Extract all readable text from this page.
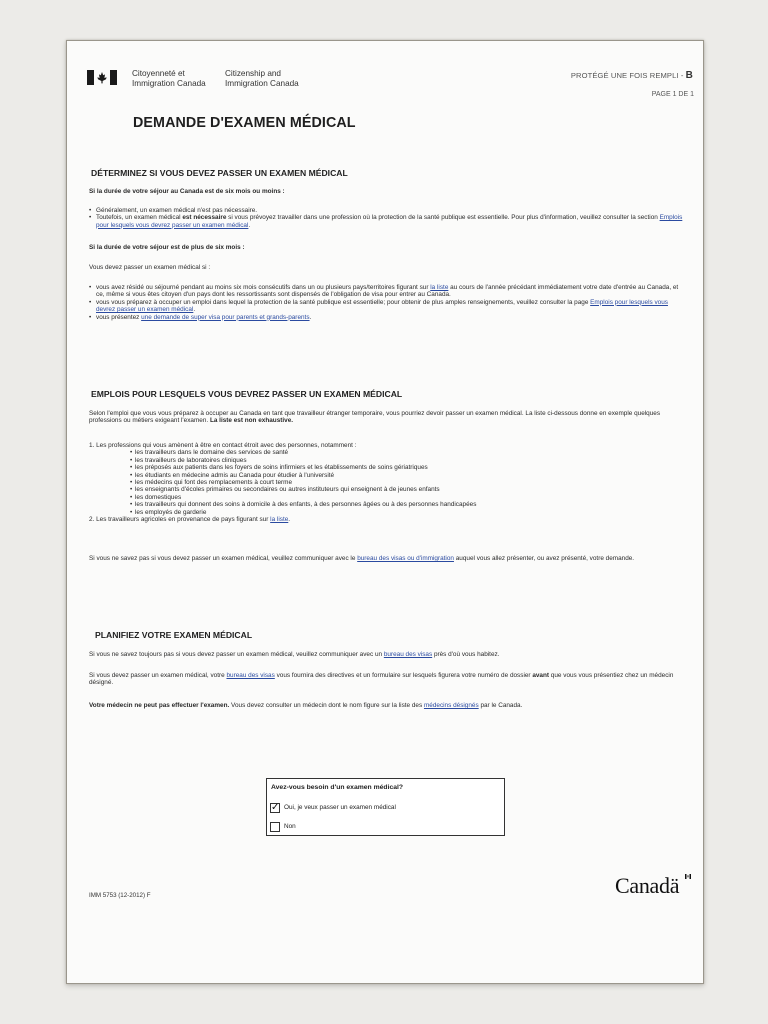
Citoyenneté et
Immigration Canada
Citizenship and
Immigration Canada
PROTÉGÉ UNE FOIS REMPLI - B
PAGE 1 DE 1
DEMANDE D'EXAMEN MÉDICAL
DÉTERMINEZ SI VOUS DEVEZ PASSER UN EXAMEN MÉDICAL
Si la durée de votre séjour au Canada est de six mois ou moins :
• Généralement, un examen médical n'est pas nécessaire.
• Toutefois, un examen médical est nécessaire si vous prévoyez travailler dans une profession où la protection de la santé publique est essentielle. Pour plus d'information, veuillez consulter la section Emplois pour lesquels vous devrez passer un examen médical.
Si la durée de votre séjour est de plus de six mois :
Vous devez passer un examen médical si :
• vous avez résidé ou séjourné pendant au moins six mois consécutifs dans un ou plusieurs pays/territoires figurant sur la liste au cours de l'année précédant immédiatement votre date d'entrée au Canada, et ce, même si vous êtes citoyen d'un pays dont les ressortissants sont dispensés de l'obligation de visa pour entrer au Canada.
• vous vous préparez à occuper un emploi dans lequel la protection de la santé publique est essentielle; pour obtenir de plus amples renseignements, veuillez consulter la page Emplois pour lesquels vous devrez passer un examen médical.
• vous présentez une demande de super visa pour parents et grands-parents.
EMPLOIS POUR LESQUELS VOUS DEVREZ PASSER UN EXAMEN MÉDICAL
Selon l'emploi que vous vous préparez à occuper au Canada en tant que travailleur étranger temporaire, vous pourriez devoir passer un examen médical. La liste ci-dessous donne en exemple quelques professions ou métiers exigeant l'examen. La liste est non exhaustive.
1. Les professions qui vous amènent à être en contact étroit avec des personnes, notamment :
• les travailleurs dans le domaine des services de santé
• les travailleurs de laboratoires cliniques
• les préposés aux patients dans les foyers de soins infirmiers et les établissements de soins gériatriques
• les étudiants en médecine admis au Canada pour étudier à l'université
• les médecins qui font des remplacements à court terme
• les enseignants d'écoles primaires ou secondaires ou autres instituteurs qui enseignent à de jeunes enfants
• les domestiques
• les travailleurs qui donnent des soins à domicile à des enfants, à des personnes âgées ou à des personnes handicapées
• les employés de garderie
2. Les travailleurs agricoles en provenance de pays figurant sur la liste.
Si vous ne savez pas si vous devez passer un examen médical, veuillez communiquer avec le bureau des visas ou d'immigration auquel vous allez présenter, ou avez présenté, votre demande.
PLANIFIEZ VOTRE EXAMEN MÉDICAL
Si vous ne savez toujours pas si vous devez passer un examen médical, veuillez communiquer avec un bureau des visas près d'où vous habitez.
Si vous devez passer un examen médical, votre bureau des visas vous fournira des directives et un formulaire sur lesquels figurera votre numéro de dossier avant que vous vous présentiez chez un médecin désigné.
Votre médecin ne peut pas effectuer l'examen. Vous devez consulter un médecin dont le nom figure sur la liste des médecins désignés par le Canada.
Avez-vous besoin d'un examen médical?
✓ Oui, je veux passer un examen médical
Non
IMM 5753 (12-2012) F	Canadä
